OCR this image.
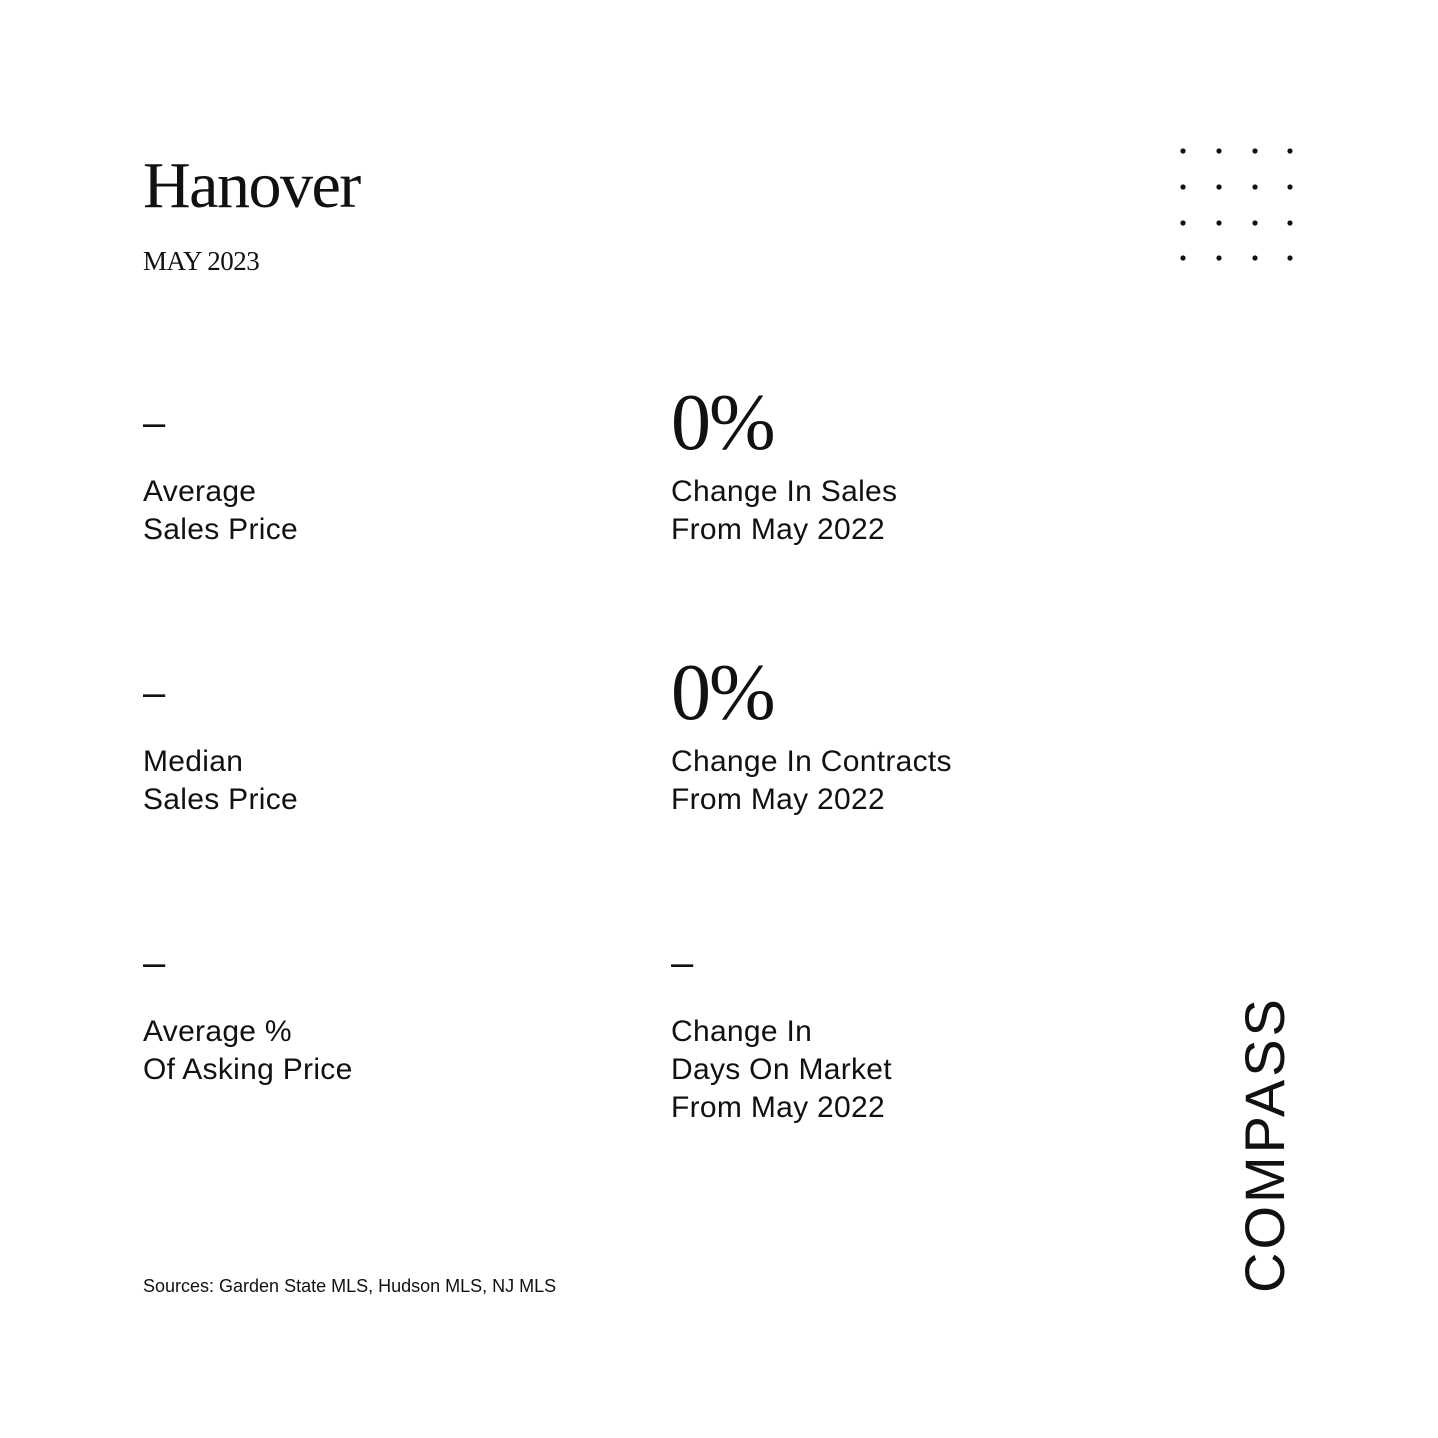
Hanover
MAY 2023
–
Average
Sales Price
0%
Change In Sales
From May 2022
–
Median
Sales Price
0%
Change In Contracts
From May 2022
–
Average %
Of Asking Price
–
Change In
Days On Market
From May 2022
Sources: Garden State MLS, Hudson MLS, NJ MLS	COMPASS
